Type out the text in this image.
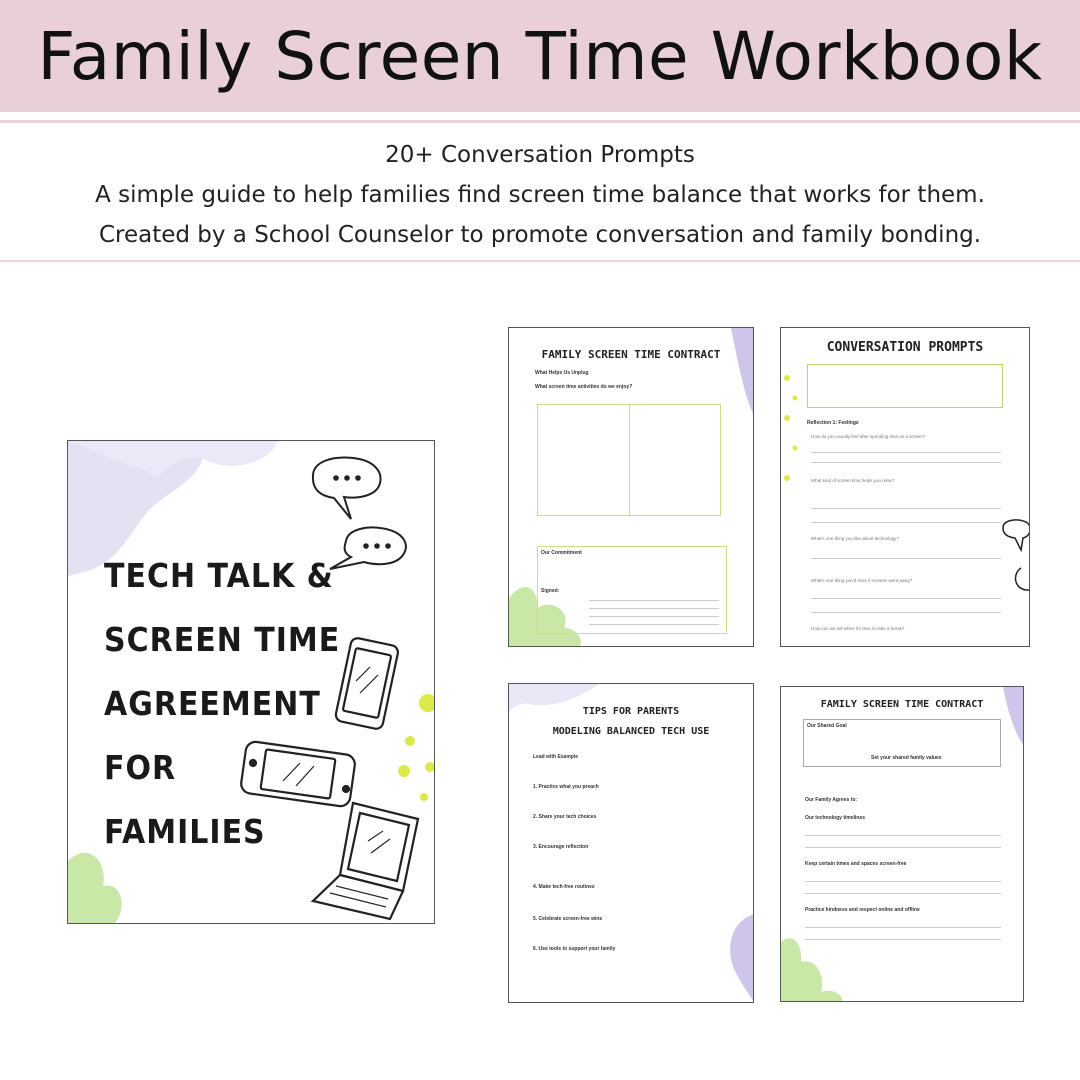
Family Screen Time Workbook
20+ Conversation Prompts
A simple guide to help families find screen time balance that works for them.
Created by a School Counselor to promote conversation and family bonding.
TECH TALK &
SCREEN TIME
AGREEMENT
FOR
FAMILIES
FAMILY SCREEN TIME CONTRACT
What Helps Us Unplug
What screen time activities do we enjoy?
Our Commitment
Signed:
CONVERSATION PROMPTS
Reflection 1: Feelings
How do you usually feel after spending time on a screen?
What kind of screen time helps you relax?
What's one thing you like about technology?
What's one thing you'd miss if screens went away?
How can we tell when it's time to take a break?
TIPS FOR PARENTS
MODELING BALANCED TECH USE
Lead with Example
1. Practice what you preach
2. Share your tech choices
3. Encourage reflection
4. Make tech-free routines
5. Celebrate screen-free wins
6. Use tools to support your family
FAMILY SCREEN TIME CONTRACT
Our Shared Goal
Set your shared family values
Our Family Agrees to:
Our technology timelines
Keep certain times and spaces screen-free
Practice kindness and respect online and offline
